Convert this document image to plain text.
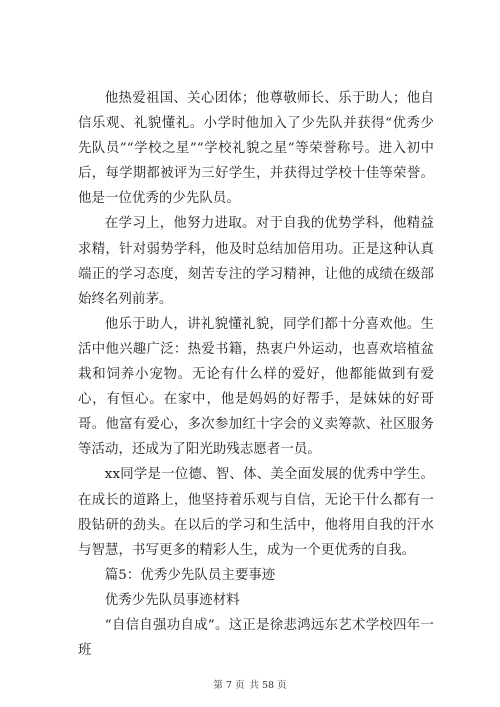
他热爱祖国、关心团体；他尊敬师长、乐于助人；他自信乐观、礼貌懂礼。小学时他加入了少先队并获得“优秀少先队员”“学校之星”“学校礼貌之星”等荣誉称号。进入初中后，每学期都被评为三好学生，并获得过学校十佳等荣誉。他是一位优秀的少先队员。

在学习上，他努力进取。对于自我的优势学科，他精益求精，针对弱势学科，他及时总结加倍用功。正是这种认真端正的学习态度，刻苦专注的学习精神，让他的成绩在级部始终名列前茅。

他乐于助人，讲礼貌懂礼貌，同学们都十分喜欢他。生活中他兴趣广泛：热爱书籍，热衷户外运动，也喜欢培植盆栽和饲养小宠物。无论有什么样的爱好，他都能做到有爱心，有恒心。在家中，他是妈妈的好帮手，是妹妹的好哥哥。他富有爱心，多次参加红十字会的义卖筹款、社区服务等活动，还成为了阳光助残志愿者一员。

xx同学是一位德、智、体、美全面发展的优秀中学生。在成长的道路上，他坚持着乐观与自信，无论干什么都有一股钻研的劲头。在以后的学习和生活中，他将用自我的汗水与智慧，书写更多的精彩人生，成为一个更优秀的自我。

篇5：优秀少先队员主要事迹

优秀少先队员事迹材料

“自信自强功自成”。这正是徐悲鸿远东艺术学校四年一班

第 7 页 共 58 页
